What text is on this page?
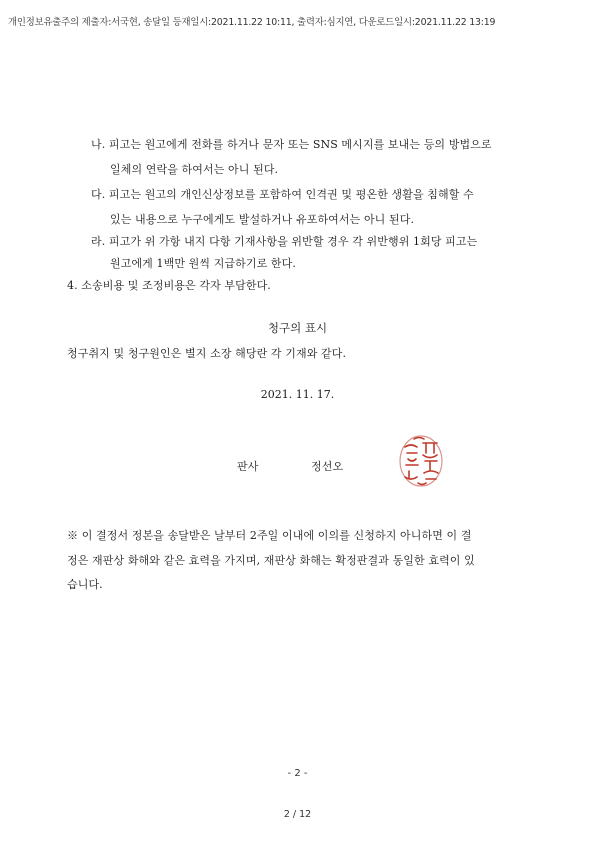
개인정보유출주의 제출자:서국현, 송달일 등재일시:2021.11.22 10:11, 출력자:심지연, 다운로드일시:2021.11.22 13:19
나. 피고는 원고에게 전화를 하거나 문자 또는 SNS 메시지를 보내는 등의 방법으로
일체의 연락을 하여서는 아니 된다.
다. 피고는 원고의 개인신상정보를 포함하여 인격권 및 평온한 생활을 침해할 수
있는 내용으로 누구에게도 발설하거나 유포하여서는 아니 된다.
라. 피고가 위 가항 내지 다항 기재사항을 위반할 경우 각 위반행위 1회당 피고는
원고에게 1백만 원씩 지급하기로 한다.
4. 소송비용 및 조정비용은 각자 부담한다.
청구의 표시
청구취지 및 청구원인은 별지 소장 해당란 각 기재와 같다.
2021. 11. 17.
판사	정선오
※ 이 결정서 정본을 송달받은 날부터 2주일 이내에 이의를 신청하지 아니하면 이 결
정은 재판상 화해와 같은 효력을 가지며, 재판상 화해는 확정판결과 동일한 효력이 있
습니다.
- 2 -
2 / 12
